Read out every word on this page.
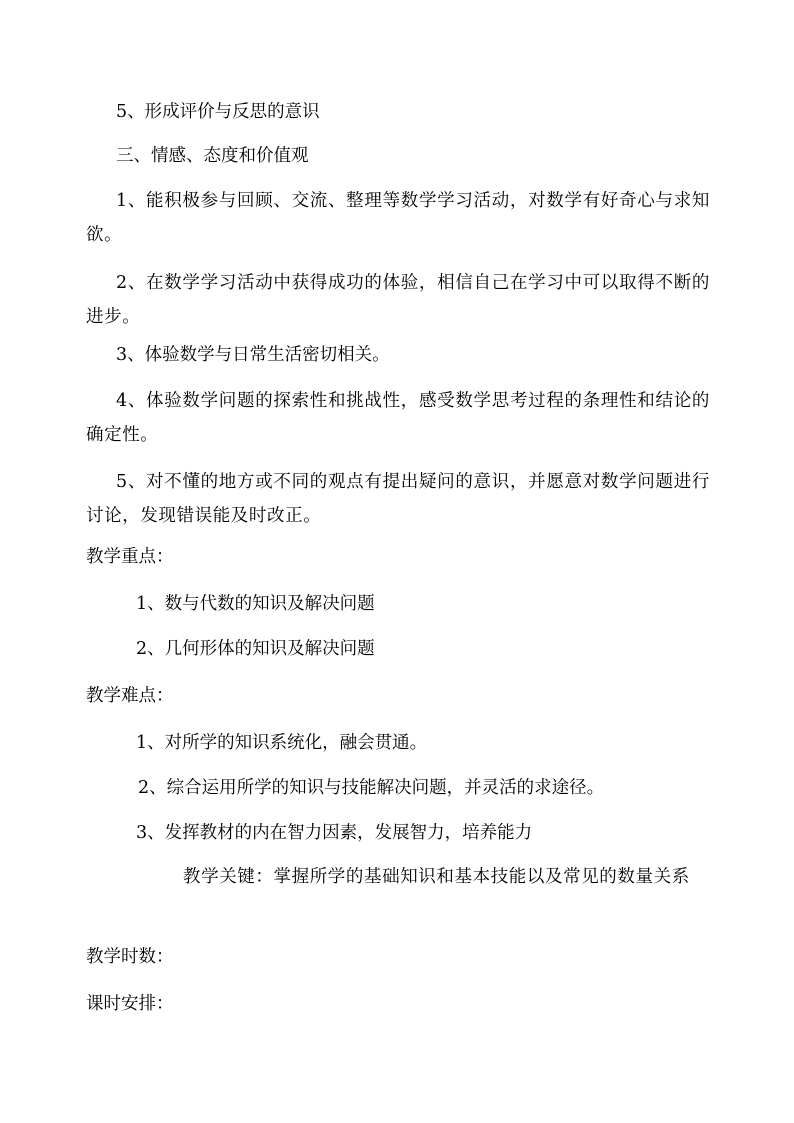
5、形成评价与反思的意识
三、情感、态度和价值观
1、能积极参与回顾、交流、整理等数学学习活动，对数学有好奇心与求知欲。
2、在数学学习活动中获得成功的体验，相信自己在学习中可以取得不断的进步。
3、体验数学与日常生活密切相关。
4、体验数学问题的探索性和挑战性，感受数学思考过程的条理性和结论的确定性。
5、对不懂的地方或不同的观点有提出疑问的意识，并愿意对数学问题进行讨论，发现错误能及时改正。
教学重点：
1、数与代数的知识及解决问题
2、几何形体的知识及解决问题
教学难点：
1、对所学的知识系统化，融会贯通。
2、综合运用所学的知识与技能解决问题，并灵活的求途径。
3、发挥教材的内在智力因素，发展智力，培养能力
教学关键：掌握所学的基础知识和基本技能以及常见的数量关系
教学时数：
课时安排：
